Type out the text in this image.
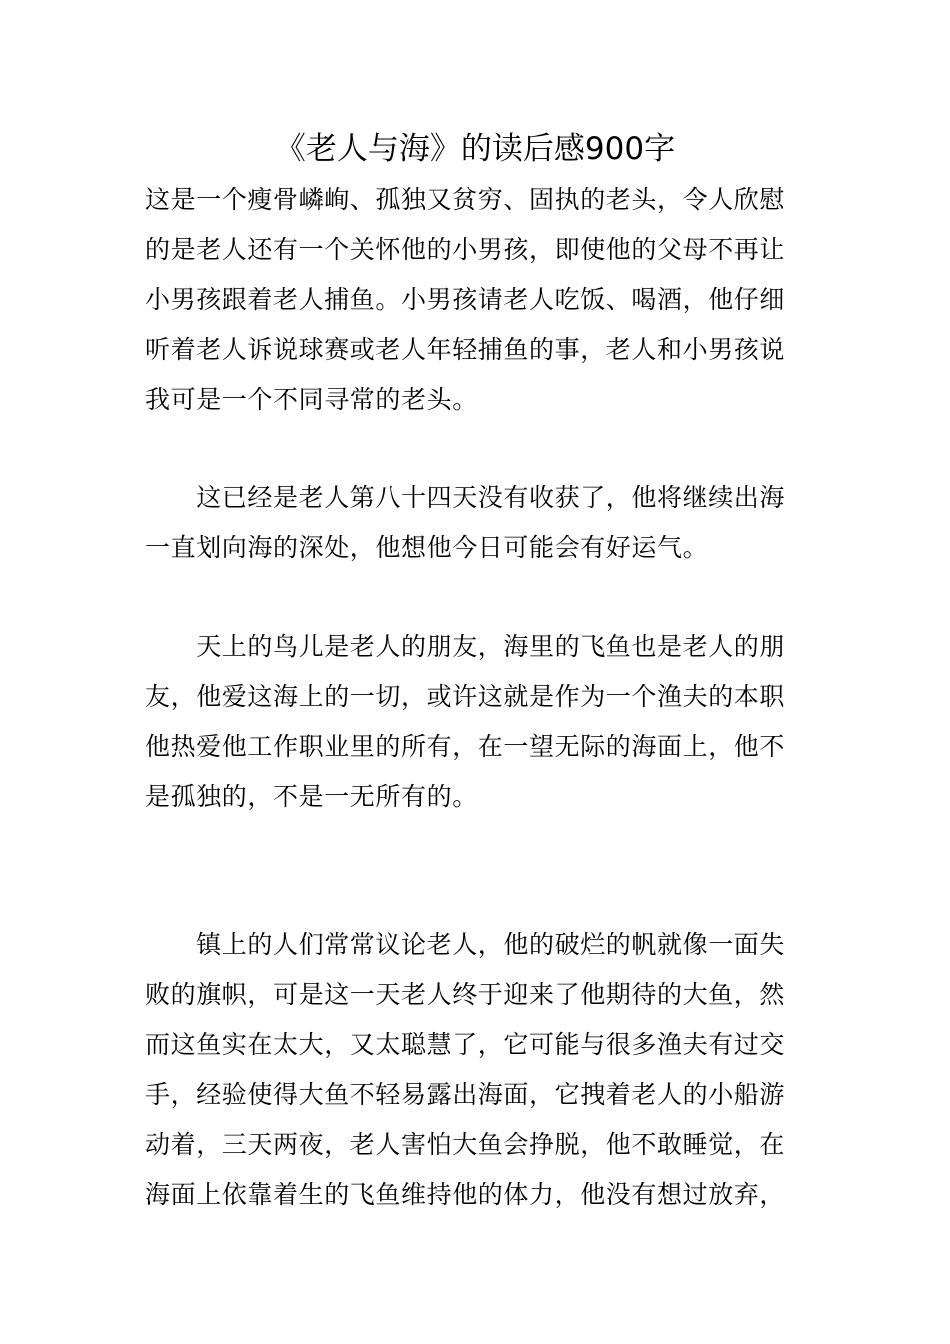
《老人与海》的读后感900字
这是一个瘦骨嶙峋、孤独又贫穷、固执的老头，令人欣慰
的是老人还有一个关怀他的小男孩，即使他的父母不再让
小男孩跟着老人捕鱼。小男孩请老人吃饭、喝酒，他仔细
听着老人诉说球赛或老人年轻捕鱼的事，老人和小男孩说
我可是一个不同寻常的老头。
　　这已经是老人第八十四天没有收获了，他将继续出海
一直划向海的深处，他想他今日可能会有好运气。
　　天上的鸟儿是老人的朋友，海里的飞鱼也是老人的朋
友，他爱这海上的一切，或许这就是作为一个渔夫的本职
他热爱他工作职业里的所有，在一望无际的海面上，他不
是孤独的，不是一无所有的。
　　镇上的人们常常议论老人，他的破烂的帆就像一面失
败的旗帜，可是这一天老人终于迎来了他期待的大鱼，然
而这鱼实在太大，又太聪慧了，它可能与很多渔夫有过交
手，经验使得大鱼不轻易露出海面，它拽着老人的小船游
动着，三天两夜，老人害怕大鱼会挣脱，他不敢睡觉，在
海面上依靠着生的飞鱼维持他的体力，他没有想过放弃，
